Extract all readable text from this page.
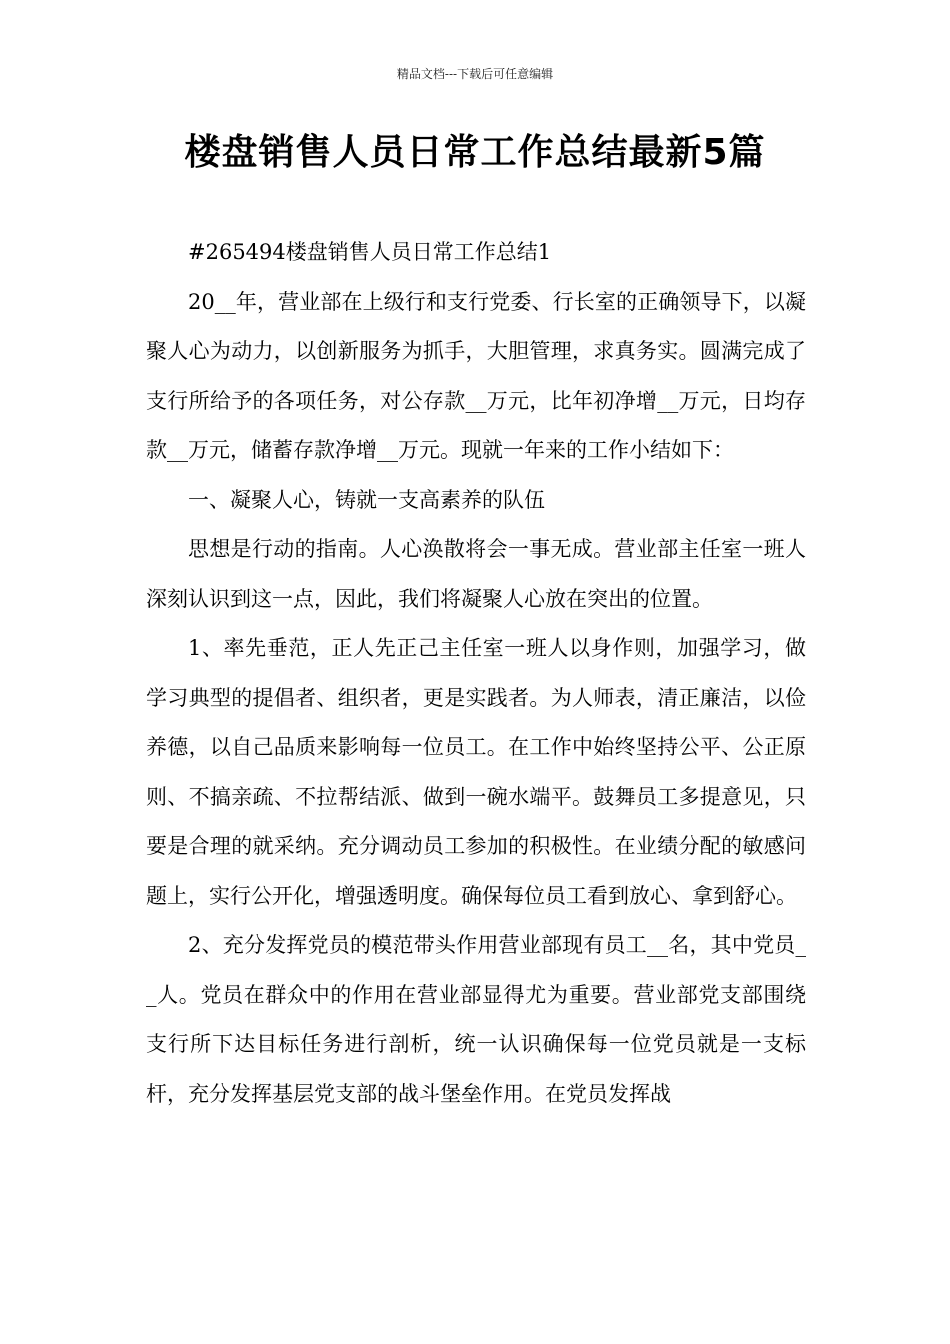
精品文档---下载后可任意编辑
楼盘销售人员日常工作总结最新5篇

#265494楼盘销售人员日常工作总结1

20__年，营业部在上级行和支行党委、行长室的正确领导下，以凝聚人心为动力，以创新服务为抓手，大胆管理，求真务实。圆满完成了支行所给予的各项任务，对公存款__万元，比年初净增__万元，日均存款__万元，储蓄存款净增__万元。现就一年来的工作小结如下：

一、凝聚人心，铸就一支高素养的队伍

思想是行动的指南。人心涣散将会一事无成。营业部主任室一班人深刻认识到这一点，因此，我们将凝聚人心放在突出的位置。

1、率先垂范，正人先正己主任室一班人以身作则，加强学习，做学习典型的提倡者、组织者，更是实践者。为人师表，清正廉洁，以俭养德，以自己品质来影响每一位员工。在工作中始终坚持公平、公正原则、不搞亲疏、不拉帮结派、做到一碗水端平。鼓舞员工多提意见，只要是合理的就采纳。充分调动员工参加的积极性。在业绩分配的敏感问题上，实行公开化，增强透明度。确保每位员工看到放心、拿到舒心。

2、充分发挥党员的模范带头作用营业部现有员工__名，其中党员__人。党员在群众中的作用在营业部显得尤为重要。营业部党支部围绕支行所下达目标任务进行剖析，统一认识确保每一位党员就是一支标杆，充分发挥基层党支部的战斗堡垒作用。在党员发挥战
